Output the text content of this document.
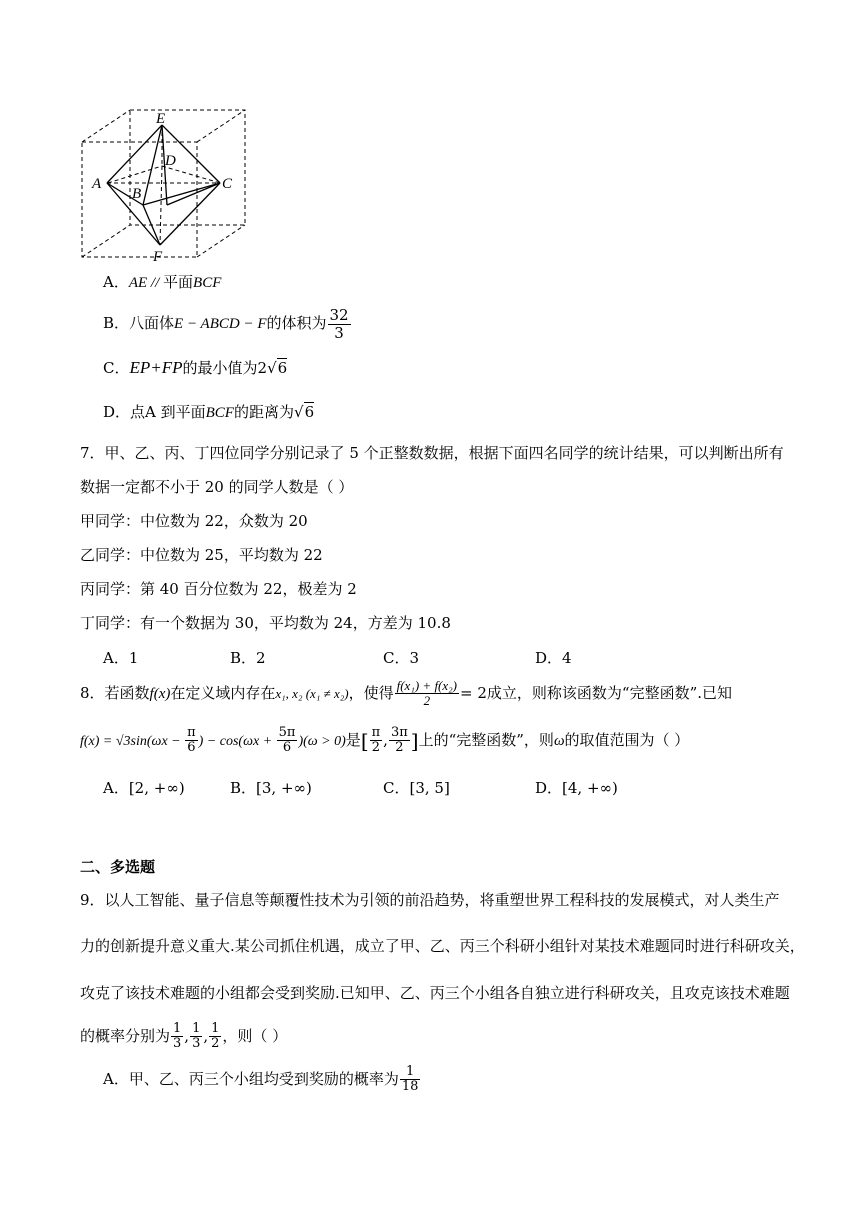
E
D
A
B
C
F
A．AE // 平面BCF
B．八面体E − ABCD − F的体积为 $\frac{32}{3}$
C．EP+FP的最小值为2√6
D．点A 到平面BCF的距离为√6
7．甲、乙、丙、丁四位同学分别记录了 5 个正整数数据，根据下面四名同学的统计结果，可以判断出所有
数据一定都不小于 20 的同学人数是（ ）
甲同学：中位数为 22，众数为 20
乙同学：中位数为 25，平均数为 22
丙同学：第 40 百分位数为 22，极差为 2
丁同学：有一个数据为 30，平均数为 24，方差为 10.8
A．1	B．2	C．3	D．4
8．若函数f(x)在定义域内存在x₁, x₂ (x₁ ≠ x₂)，使得 $\frac{\text{f(x₁) + f(x₂)}}{2} = 2$成立，则称该函数为“完整函数”.已知
$f(x) = √3\sin(\omega x - \frac{\pi}{6}$ ) − $\cos(\omega x + \frac{5\pi}{6} )(\omega > 0)$是[ $\frac{\pi}{2}$ , $\frac{3\pi}{2}$ ]上的“完整函数”，则ω的取值范围为（ ）
A．[2, +∞)	B．[3, +∞)	C．[3, 5]	D．[4, +∞)
二、多选题
9．以人工智能、量子信息等颠覆性技术为引领的前沿趋势，将重塑世界工程科技的发展模式，对人类生产
力的创新提升意义重大.某公司抓住机遇，成立了甲、乙、丙三个科研小组针对某技术难题同时进行科研攻关，
攻克了该技术难题的小组都会受到奖励.已知甲、乙、丙三个小组各自独立进行科研攻关，且攻克该技术难题
的概率分别为 $\frac{1}{3}$ , $\frac{1}{3}$ , $\frac{1}{2}$ ，则（ ）
A．甲、乙、丙三个小组均受到奖励的概率为 $\frac{1}{18}$
